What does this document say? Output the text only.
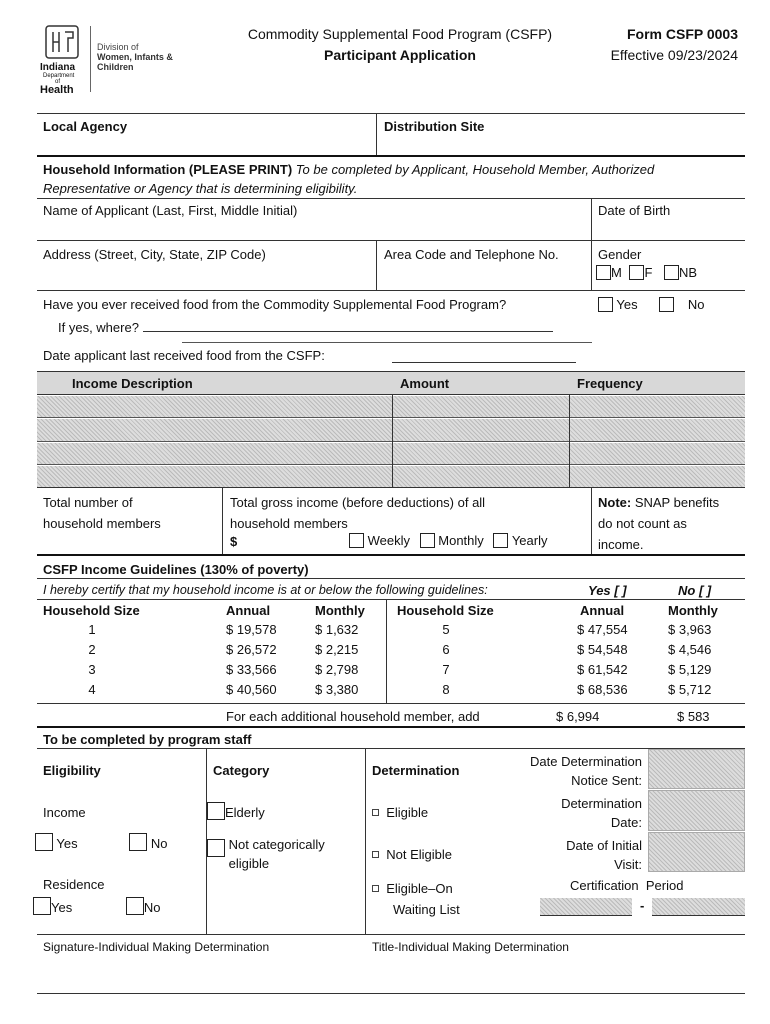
Indiana
Department
of
Health
Division of
Women, Infants &
Children
Commodity Supplemental Food Program (CSFP)
Participant Application
Form CSFP 0003
Effective 09/23/2024
Local Agency	Distribution Site
Household Information (PLEASE PRINT) To be completed by Applicant, Household Member, Authorized
Representative or Agency that is determining eligibility.
Name of Applicant (Last, First, Middle Initial)	Date of Birth
Address (Street, City, State, ZIP Code)	Area Code and Telephone No.	Gender
M F NB
Have you ever received food from the Commodity Supplemental Food Program?	Yes	No
If yes, where?
Date applicant last received food from the CSFP:
Income Description	Amount	Frequency
Total number of
household members
Total gross income (before deductions) of all
household members
$	Weekly Monthly Yearly
Note: SNAP benefits
do not count as
income.
CSFP Income Guidelines (130% of poverty)
I hereby certify that my household income is at or below the following guidelines:	Yes [ ]	No [ ]
Household Size	Annual	Monthly Household Size	Annual	Monthly
1	$ 19,578	$ 1,632
2	$ 26,572	$ 2,215
3	$ 33,566	$ 2,798
4	$ 40,560	$ 3,380
5	$ 47,554	$ 3,963
6	$ 54,548	$ 4,546
7	$ 61,542	$ 5,129
8	$ 68,536	$ 5,712
For each additional household member, add	$ 6,994	$ 583
To be completed by program staff
Eligibility	Category	Determination
Income
Yes	No
Residence
Yes	No
Elderly
Not categorically
eligible
Eligible
Not Eligible
Eligible–On
Waiting List
Date Determination
Notice Sent:
Determination
Date:
Date of Initial
Visit:
Certification  Period
-
Signature-Individual Making Determination	Title-Individual Making Determination
